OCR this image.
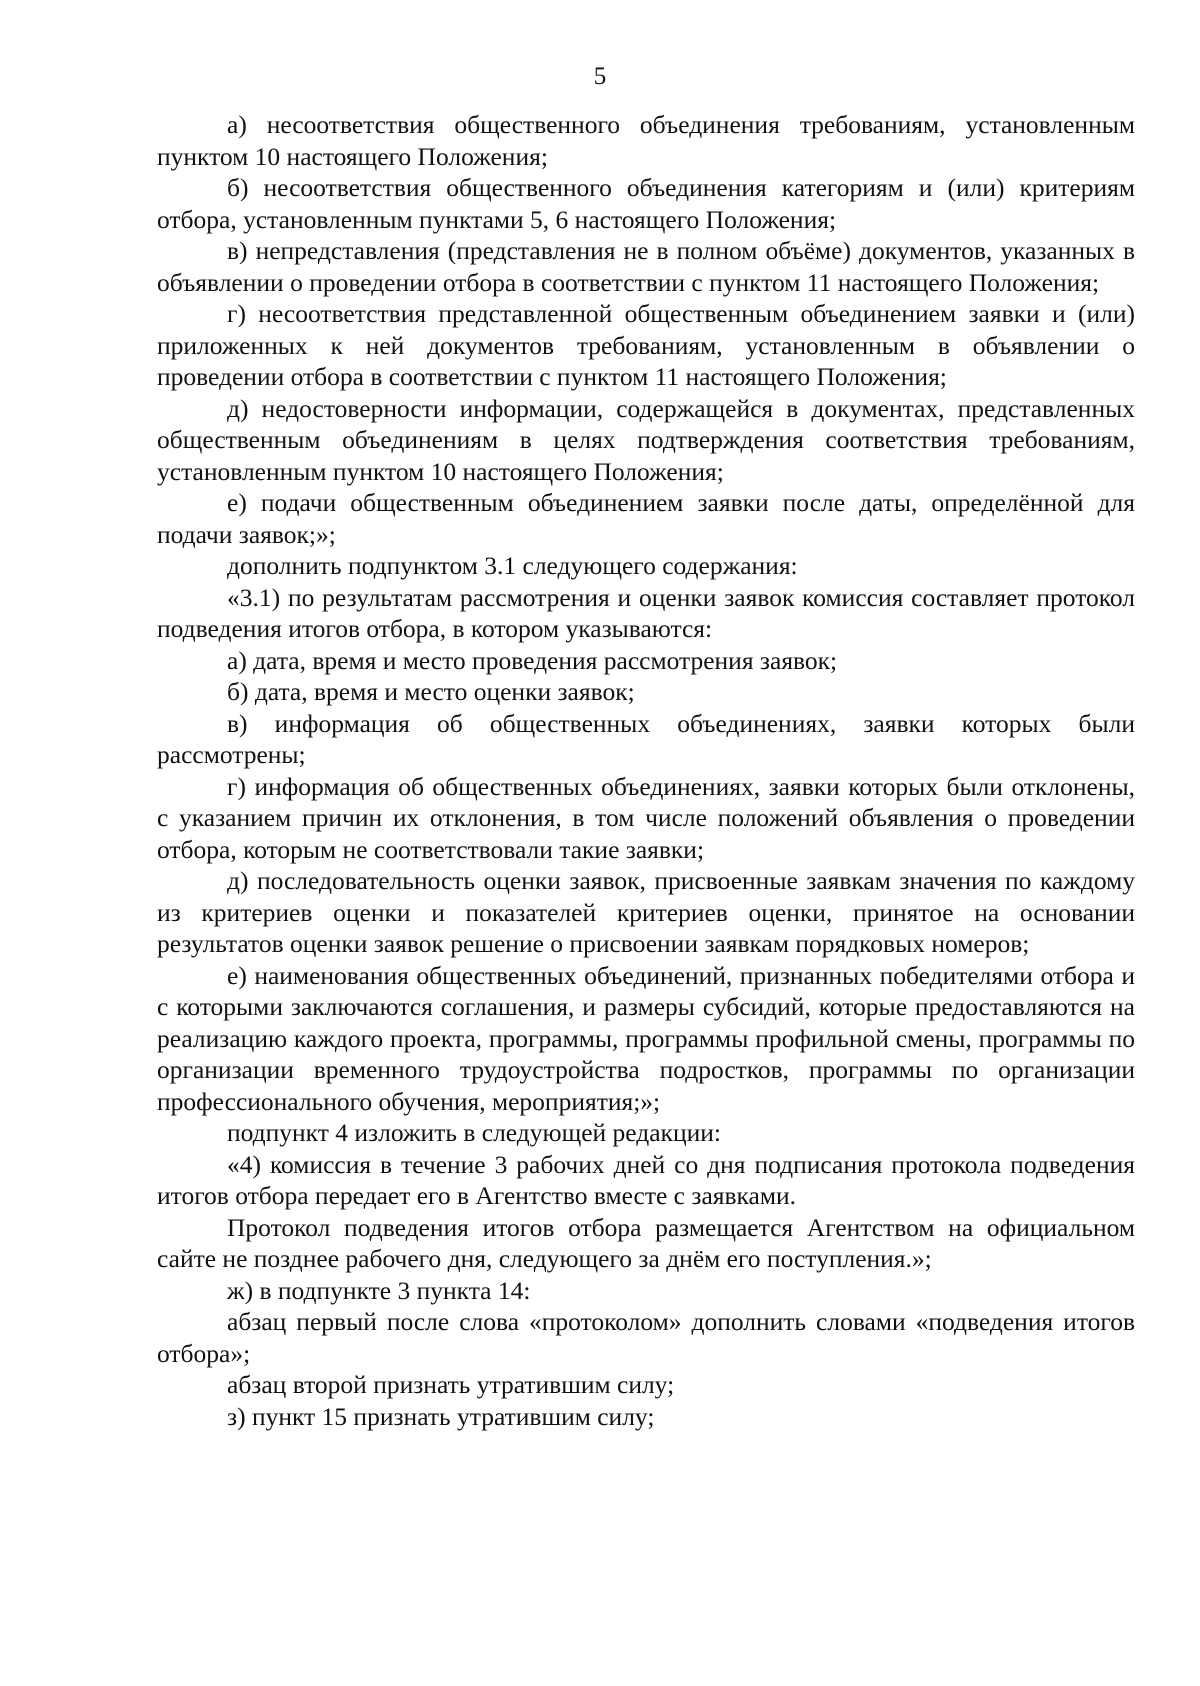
5

а) несоответствия общественного объединения требованиям, установленным пунктом 10 настоящего Положения;

б) несоответствия общественного объединения категориям и (или) критериям отбора, установленным пунктами 5, 6 настоящего Положения;

в) непредставления (представления не в полном объёме) документов, указанных в объявлении о проведении отбора в соответствии с пунктом 11 настоящего Положения;

г) несоответствия представленной общественным объединением заявки и (или) приложенных к ней документов требованиям, установленным в объявлении о проведении отбора в соответствии с пунктом 11 настоящего Положения;

д) недостоверности информации, содержащейся в документах, представленных общественным объединениям в целях подтверждения соответствия требованиям, установленным пунктом 10 настоящего Положения;

е) подачи общественным объединением заявки после даты, определённой для подачи заявок;»;

дополнить подпунктом 3.1 следующего содержания:

«3.1) по результатам рассмотрения и оценки заявок комиссия составляет протокол подведения итогов отбора, в котором указываются:

а) дата, время и место проведения рассмотрения заявок;

б) дата, время и место оценки заявок;

в) информация об общественных объединениях, заявки которых были рассмотрены;

г) информация об общественных объединениях, заявки которых были отклонены, с указанием причин их отклонения, в том числе положений объявления о проведении отбора, которым не соответствовали такие заявки;

д) последовательность оценки заявок, присвоенные заявкам значения по каждому из критериев оценки и показателей критериев оценки, принятое на основании результатов оценки заявок решение о присвоении заявкам порядковых номеров;

е) наименования общественных объединений, признанных победителями отбора и с которыми заключаются соглашения, и размеры субсидий, которые предоставляются на реализацию каждого проекта, программы, программы профильной смены, программы по организации временного трудоустройства подростков, программы по организации профессионального обучения, мероприятия;»;

подпункт 4 изложить в следующей редакции:

«4) комиссия в течение 3 рабочих дней со дня подписания протокола подведения итогов отбора передает его в Агентство вместе с заявками.

Протокол подведения итогов отбора размещается Агентством на официальном сайте не позднее рабочего дня, следующего за днём его поступления.»;

ж) в подпункте 3 пункта 14:

абзац первый после слова «протоколом» дополнить словами «подведения итогов отбора»;

абзац второй признать утратившим силу;

з) пункт 15 признать утратившим силу;
